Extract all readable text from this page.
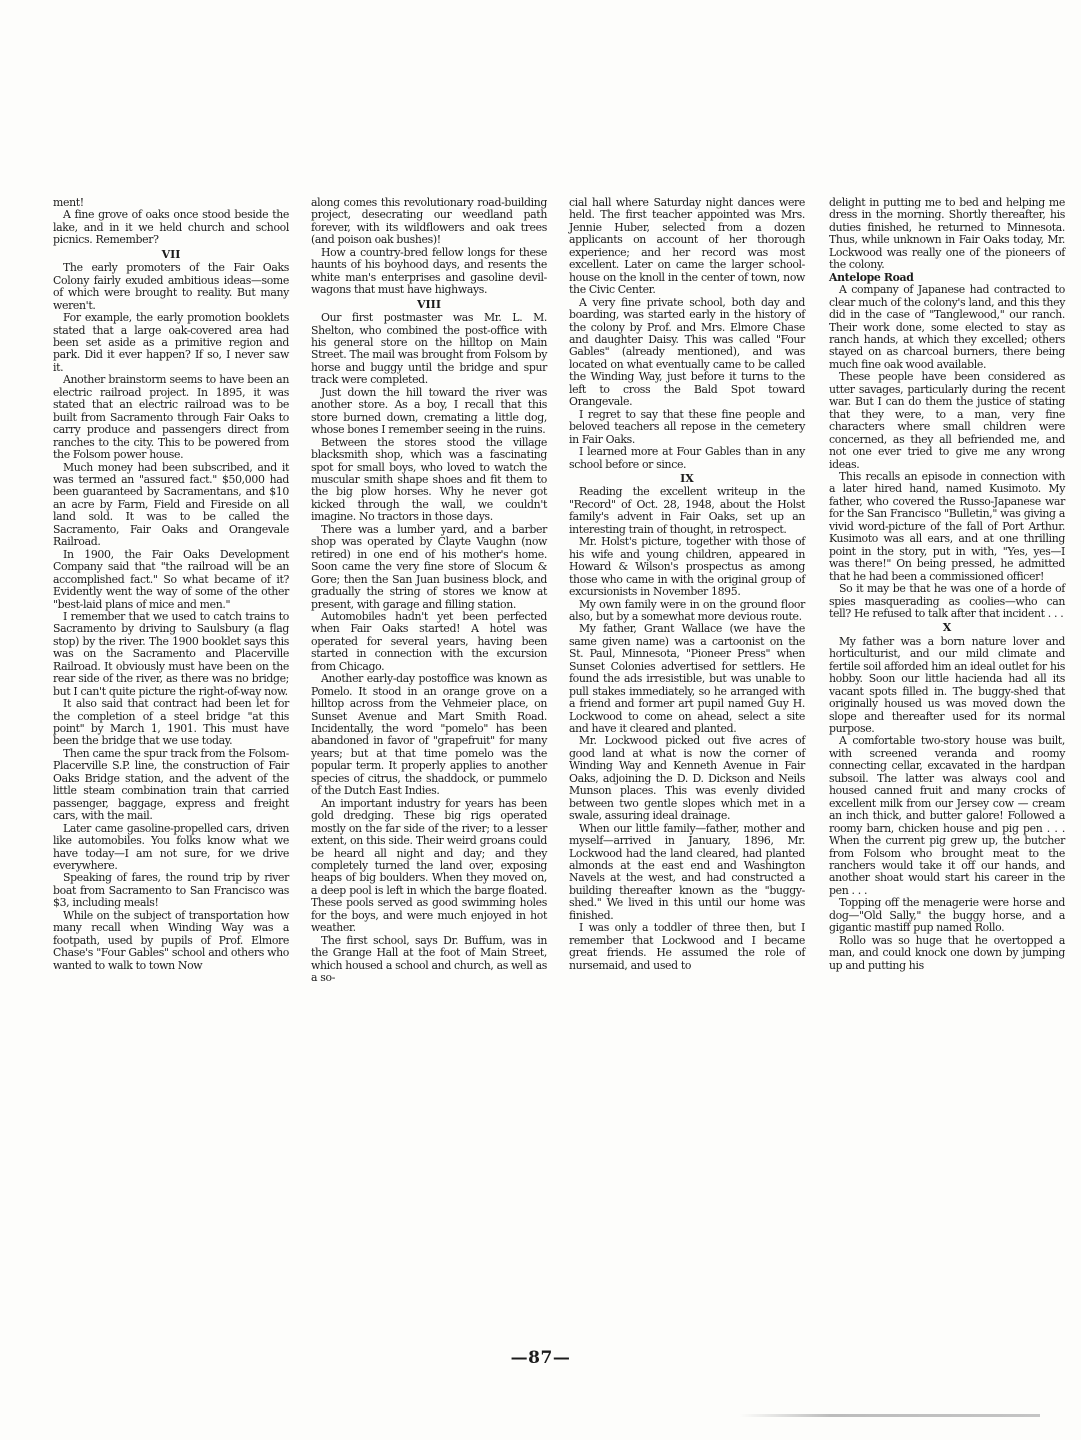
ment!

A fine grove of oaks once stood beside the lake, and in it we held church and school picnics. Remember?

VII

The early promoters of the Fair Oaks Colony fairly exuded ambitious ideas—some of which were brought to reality. But many weren't.

For example, the early promotion booklets stated that a large oak-covered area had been set aside as a primitive region and park. Did it ever happen? If so, I never saw it.

Another brainstorm seems to have been an electric railroad project. In 1895, it was stated that an electric railroad was to be built from Sacramento through Fair Oaks to carry produce and passengers direct from ranches to the city. This to be powered from the Folsom power house.

Much money had been subscribed, and it was termed an "assured fact." $50,000 had been guaranteed by Sacramentans, and $10 an acre by Farm, Field and Fireside on all land sold. It was to be called the Sacramento, Fair Oaks and Orangevale Railroad.

In 1900, the Fair Oaks Development Company said that "the railroad will be an accomplished fact." So what became of it? Evidently went the way of some of the other "best-laid plans of mice and men."

I remember that we used to catch trains to Sacramento by driving to Saulsbury (a flag stop) by the river. The 1900 booklet says this was on the Sacramento and Placerville Railroad. It obviously must have been on the rear side of the river, as there was no bridge; but I can't quite picture the right-of-way now.

It also said that contract had been let for the completion of a steel bridge "at this point" by March 1, 1901. This must have been the bridge that we use today.

Then came the spur track from the Folsom-Placerville S.P. line, the construction of Fair Oaks Bridge station, and the advent of the little steam combination train that carried passenger, baggage, express and freight cars, with the mail.

Later came gasoline-propelled cars, driven like automobiles. You folks know what we have today—I am not sure, for we drive everywhere.

Speaking of fares, the round trip by river boat from Sacramento to San Francisco was $3, including meals!

While on the subject of transportation how many recall when Winding Way was a footpath, used by pupils of Prof. Elmore Chase's "Four Gables" school and others who wanted to walk to town Now

along comes this revolutionary road-building project, desecrating our weedland path forever, with its wildflowers and oak trees (and poison oak bushes)!

How a country-bred fellow longs for these haunts of his boyhood days, and resents the white man's enterprises and gasoline devil-wagons that must have highways.

VIII

Our first postmaster was Mr. L. M. Shelton, who combined the post-office with his general store on the hilltop on Main Street. The mail was brought from Folsom by horse and buggy until the bridge and spur track were completed.

Just down the hill toward the river was another store. As a boy, I recall that this store burned down, cremating a little dog, whose bones I remember seeing in the ruins.

Between the stores stood the village blacksmith shop, which was a fascinating spot for small boys, who loved to watch the muscular smith shape shoes and fit them to the big plow horses. Why he never got kicked through the wall, we couldn't imagine. No tractors in those days.

There was a lumber yard, and a barber shop was operated by Clayte Vaughn (now retired) in one end of his mother's home. Soon came the very fine store of Slocum & Gore; then the San Juan business block, and gradually the string of stores we know at present, with garage and filling station.

Automobiles hadn't yet been perfected when Fair Oaks started! A hotel was operated for several years, having been started in connection with the excursion from Chicago.

Another early-day postoffice was known as Pomelo. It stood in an orange grove on a hilltop across from the Vehmeier place, on Sunset Avenue and Mart Smith Road. Incidentally, the word "pomelo" has been abandoned in favor of "grapefruit" for many years; but at that time pomelo was the popular term. It properly applies to another species of citrus, the shaddock, or pummelo of the Dutch East Indies.

An important industry for years has been gold dredging. These big rigs operated mostly on the far side of the river; to a lesser extent, on this side. Their weird groans could be heard all night and day; and they completely turned the land over, exposing heaps of big boulders. When they moved on, a deep pool is left in which the barge floated. These pools served as good swimming holes for the boys, and were much enjoyed in hot weather.

The first school, says Dr. Buffum, was in the Grange Hall at the foot of Main Street, which housed a school and church, as well as a so-

cial hall where Saturday night dances were held. The first teacher appointed was Mrs. Jennie Huber, selected from a dozen applicants on account of her thorough experience; and her record was most excellent. Later on came the larger school-house on the knoll in the center of town, now the Civic Center.

A very fine private school, both day and boarding, was started early in the history of the colony by Prof. and Mrs. Elmore Chase and daughter Daisy. This was called "Four Gables" (already mentioned), and was located on what eventually came to be called the Winding Way, just before it turns to the left to cross the Bald Spot toward Orangevale.

I regret to say that these fine people and beloved teachers all repose in the cemetery in Fair Oaks.

I learned more at Four Gables than in any school before or since.

IX

Reading the excellent writeup in the "Record" of Oct. 28, 1948, about the Holst family's advent in Fair Oaks, set up an interesting train of thought, in retrospect.

Mr. Holst's picture, together with those of his wife and young children, appeared in Howard & Wilson's prospectus as among those who came in with the original group of excursionists in November 1895.

My own family were in on the ground floor also, but by a somewhat more devious route.

My father, Grant Wallace (we have the same given name) was a cartoonist on the St. Paul, Minnesota, "Pioneer Press" when Sunset Colonies advertised for settlers. He found the ads irresistible, but was unable to pull stakes immediately, so he arranged with a friend and former art pupil named Guy H. Lockwood to come on ahead, select a site and have it cleared and planted.

Mr. Lockwood picked out five acres of good land at what is now the corner of Winding Way and Kenneth Avenue in Fair Oaks, adjoining the D. D. Dickson and Neils Munson places. This was evenly divided between two gentle slopes which met in a swale, assuring ideal drainage.

When our little family—father, mother and myself—arrived in January, 1896, Mr. Lockwood had the land cleared, had planted almonds at the east end and Washington Navels at the west, and had constructed a building thereafter known as the "buggy-shed." We lived in this until our home was finished.

I was only a toddler of three then, but I remember that Lockwood and I became great friends. He assumed the role of nursemaid, and used to

delight in putting me to bed and helping me dress in the morning. Shortly thereafter, his duties finished, he returned to Minnesota. Thus, while unknown in Fair Oaks today, Mr. Lockwood was really one of the pioneers of the colony.

Antelope Road

A company of Japanese had contracted to clear much of the colony's land, and this they did in the case of "Tanglewood," our ranch. Their work done, some elected to stay as ranch hands, at which they excelled; others stayed on as charcoal burners, there being much fine oak wood available.

These people have been considered as utter savages, particularly during the recent war. But I can do them the justice of stating that they were, to a man, very fine characters where small children were concerned, as they all befriended me, and not one ever tried to give me any wrong ideas.

This recalls an episode in connection with a later hired hand, named Kusimoto. My father, who covered the Russo-Japanese war for the San Francisco "Bulletin," was giving a vivid word-picture of the fall of Port Arthur. Kusimoto was all ears, and at one thrilling point in the story, put in with, "Yes, yes—I was there!" On being pressed, he admitted that he had been a commissioned officer!

So it may be that he was one of a horde of spies masquerading as coolies—who can tell? He refused to talk after that incident . . .

X

My father was a born nature lover and horticulturist, and our mild climate and fertile soil afforded him an ideal outlet for his hobby. Soon our little hacienda had all its vacant spots filled in. The buggy-shed that originally housed us was moved down the slope and thereafter used for its normal purpose.

A comfortable two-story house was built, with screened veranda and roomy connecting cellar, excavated in the hardpan subsoil. The latter was always cool and housed canned fruit and many crocks of excellent milk from our Jersey cow — cream an inch thick, and butter galore! Followed a roomy barn, chicken house and pig pen . . . When the current pig grew up, the butcher from Folsom who brought meat to the ranchers would take it off our hands, and another shoat would start his career in the pen . . .

Topping off the menagerie were horse and dog—"Old Sally," the buggy horse, and a gigantic mastiff pup named Rollo.

Rollo was so huge that he overtopped a man, and could knock one down by jumping up and putting his

—87—
